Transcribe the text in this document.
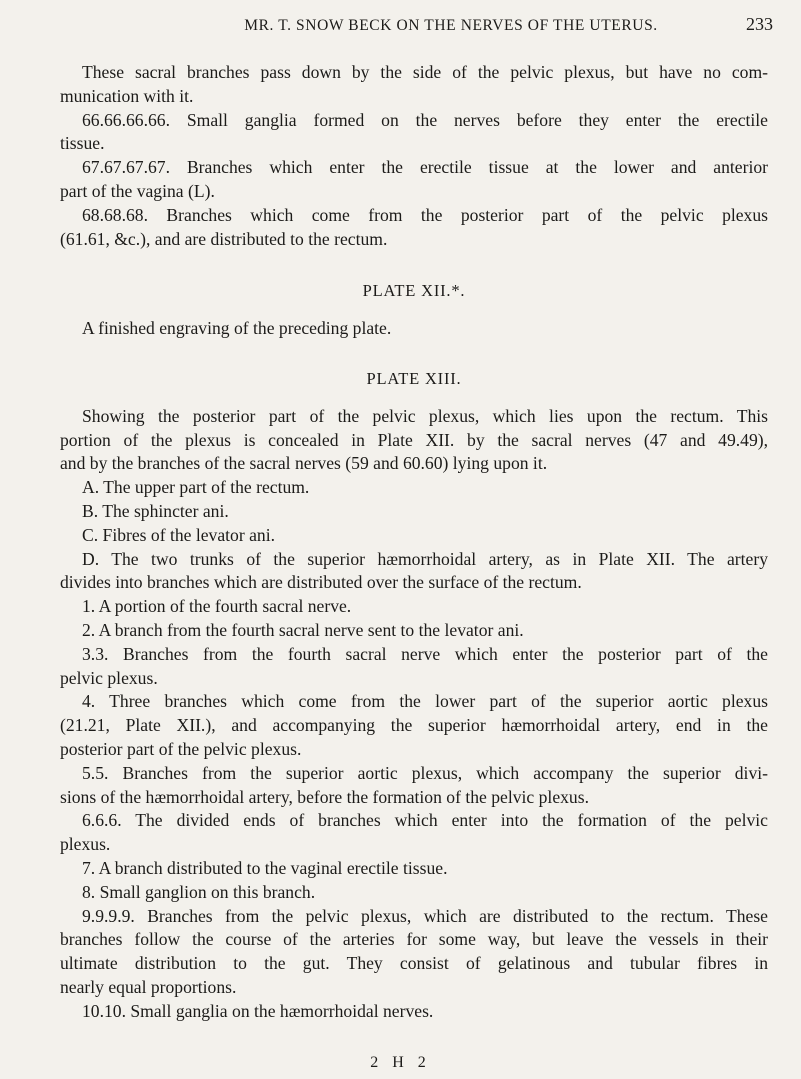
MR. T. SNOW BECK ON THE NERVES OF THE UTERUS.	233

These sacral branches pass down by the side of the pelvic plexus, but have no com-

munication with it.

66.66.66.66. Small ganglia formed on the nerves before they enter the erectile

tissue.

67.67.67.67. Branches which enter the erectile tissue at the lower and anterior

part of the vagina (L).

68.68.68. Branches which come from the posterior part of the pelvic plexus

(61.61, &c.), and are distributed to the rectum.

PLATE XII.*.

A finished engraving of the preceding plate.

PLATE XIII.

Showing the posterior part of the pelvic plexus, which lies upon the rectum. This

portion of the plexus is concealed in Plate XII. by the sacral nerves (47 and 49.49),

and by the branches of the sacral nerves (59 and 60.60) lying upon it.

A. The upper part of the rectum.

B. The sphincter ani.

C. Fibres of the levator ani.

D. The two trunks of the superior hæmorrhoidal artery, as in Plate XII. The artery

divides into branches which are distributed over the surface of the rectum.

1. A portion of the fourth sacral nerve.

2. A branch from the fourth sacral nerve sent to the levator ani.

3.3. Branches from the fourth sacral nerve which enter the posterior part of the

pelvic plexus.

4. Three branches which come from the lower part of the superior aortic plexus

(21.21, Plate XII.), and accompanying the superior hæmorrhoidal artery, end in the

posterior part of the pelvic plexus.

5.5. Branches from the superior aortic plexus, which accompany the superior divi-

sions of the hæmorrhoidal artery, before the formation of the pelvic plexus.

6.6.6. The divided ends of branches which enter into the formation of the pelvic

plexus.

7. A branch distributed to the vaginal erectile tissue.

8. Small ganglion on this branch.

9.9.9.9. Branches from the pelvic plexus, which are distributed to the rectum. These

branches follow the course of the arteries for some way, but leave the vessels in their

ultimate distribution to the gut. They consist of gelatinous and tubular fibres in

nearly equal proportions.

10.10. Small ganglia on the hæmorrhoidal nerves.

2 H 2
